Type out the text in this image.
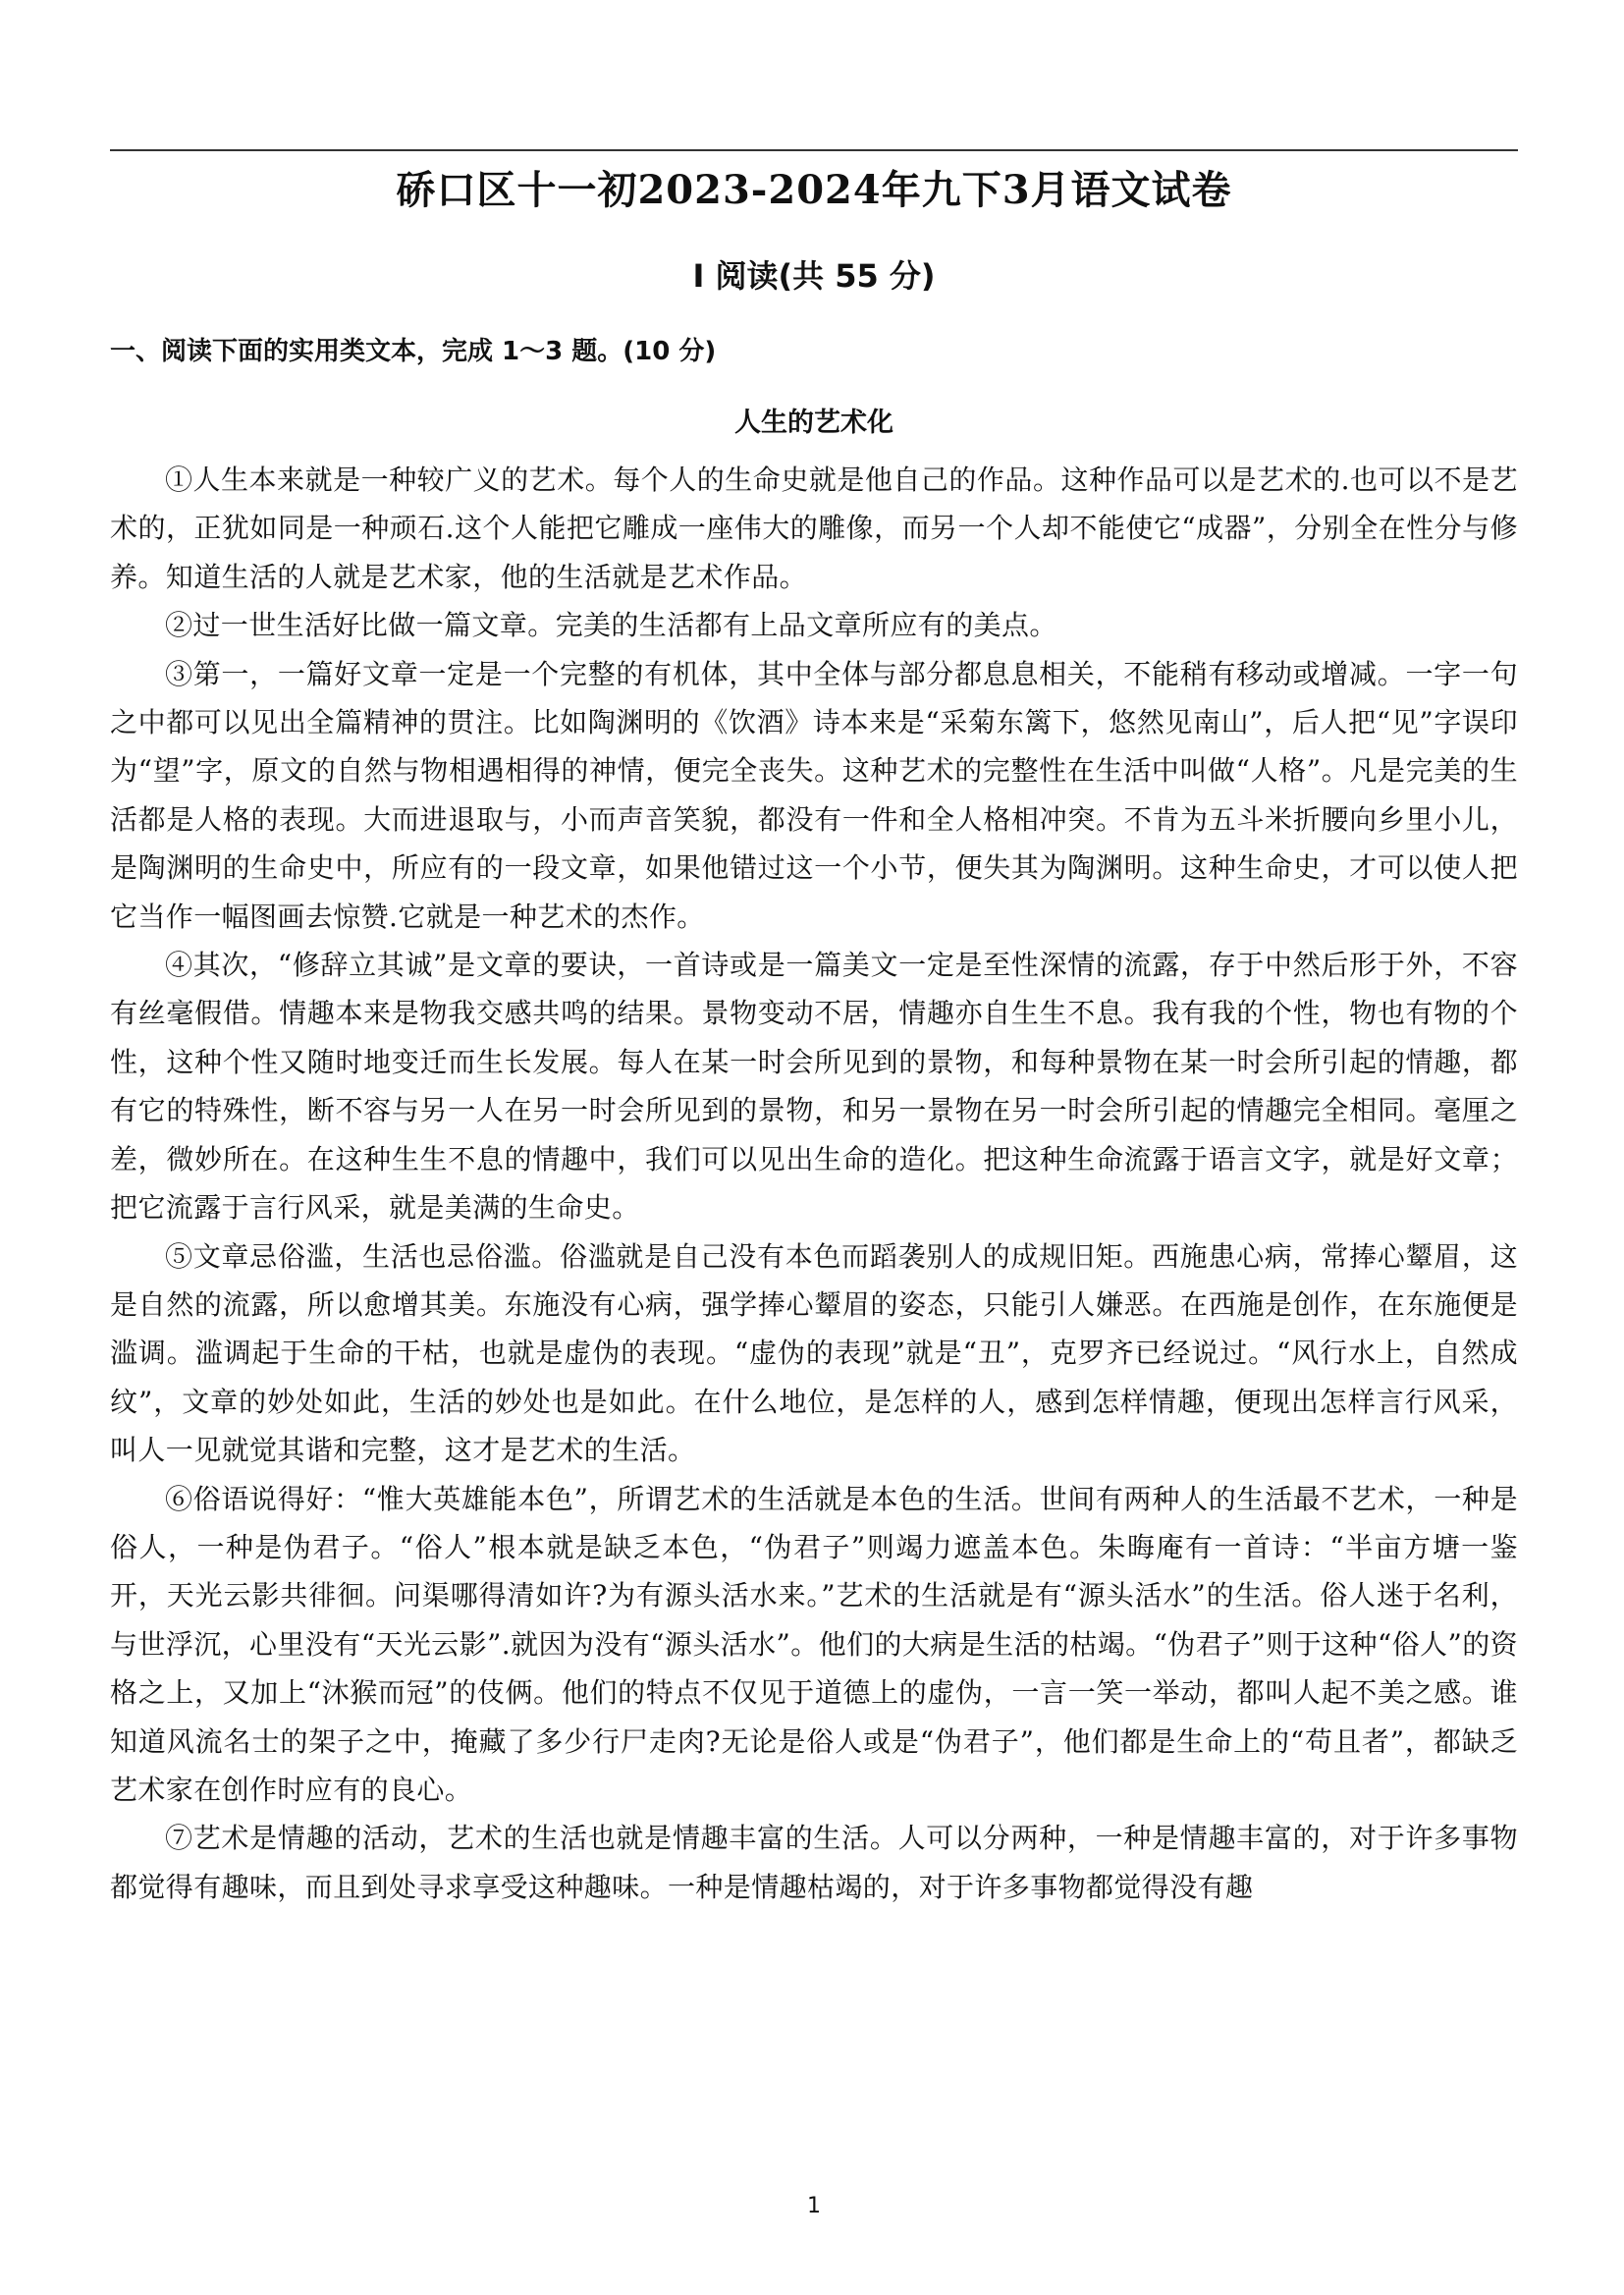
硚口区十一初2023-2024年九下3月语文试卷
I 阅读(共 55 分)
一、阅读下面的实用类文本，完成 1～3 题。(10 分)
人生的艺术化

①人生本来就是一种较广义的艺术。每个人的生命史就是他自己的作品。这种作品可以是艺术的.也可以不是艺术的，正犹如同是一种顽石.这个人能把它雕成一座伟大的雕像，而另一个人却不能使它“成器”，分别全在性分与修养。知道生活的人就是艺术家，他的生活就是艺术作品。

②过一世生活好比做一篇文章。完美的生活都有上品文章所应有的美点。

③第一，一篇好文章一定是一个完整的有机体，其中全体与部分都息息相关，不能稍有移动或增减。一字一句之中都可以见出全篇精神的贯注。比如陶渊明的《饮酒》诗本来是“采菊东篱下，悠然见南山”，后人把“见”字误印为“望”字，原文的自然与物相遇相得的神情，便完全丧失。这种艺术的完整性在生活中叫做“人格”。凡是完美的生活都是人格的表现。大而进退取与，小而声音笑貌，都没有一件和全人格相冲突。不肯为五斗米折腰向乡里小儿，是陶渊明的生命史中，所应有的一段文章，如果他错过这一个小节，便失其为陶渊明。这种生命史，才可以使人把它当作一幅图画去惊赞.它就是一种艺术的杰作。

④其次，“修辞立其诚”是文章的要诀，一首诗或是一篇美文一定是至性深情的流露，存于中然后形于外，不容有丝毫假借。情趣本来是物我交感共鸣的结果。景物变动不居，情趣亦自生生不息。我有我的个性，物也有物的个性，这种个性又随时地变迁而生长发展。每人在某一时会所见到的景物，和每种景物在某一时会所引起的情趣，都有它的特殊性，断不容与另一人在另一时会所见到的景物，和另一景物在另一时会所引起的情趣完全相同。毫厘之差，微妙所在。在这种生生不息的情趣中，我们可以见出生命的造化。把这种生命流露于语言文字，就是好文章；把它流露于言行风采，就是美满的生命史。

⑤文章忌俗滥，生活也忌俗滥。俗滥就是自己没有本色而蹈袭别人的成规旧矩。西施患心病，常捧心颦眉，这是自然的流露，所以愈增其美。东施没有心病，强学捧心颦眉的姿态，只能引人嫌恶。在西施是创作，在东施便是滥调。滥调起于生命的干枯，也就是虚伪的表现。“虚伪的表现”就是“丑”，克罗齐已经说过。“风行水上，自然成纹”，文章的妙处如此，生活的妙处也是如此。在什么地位，是怎样的人，感到怎样情趣，便现出怎样言行风采，叫人一见就觉其谐和完整，这才是艺术的生活。

⑥俗语说得好：“惟大英雄能本色”，所谓艺术的生活就是本色的生活。世间有两种人的生活最不艺术，一种是俗人，一种是伪君子。“俗人”根本就是缺乏本色，“伪君子”则竭力遮盖本色。朱晦庵有一首诗：“半亩方塘一鉴开，天光云影共徘徊。问渠哪得清如许?为有源头活水来。”艺术的生活就是有“源头活水”的生活。俗人迷于名利，与世浮沉，心里没有“天光云影”.就因为没有“源头活水”。他们的大病是生活的枯竭。“伪君子”则于这种“俗人”的资格之上，又加上“沐猴而冠”的伎俩。他们的特点不仅见于道德上的虚伪，一言一笑一举动，都叫人起不美之感。谁知道风流名士的架子之中，掩藏了多少行尸走肉?无论是俗人或是“伪君子”，他们都是生命上的“苟且者”，都缺乏艺术家在创作时应有的良心。

⑦艺术是情趣的活动，艺术的生活也就是情趣丰富的生活。人可以分两种，一种是情趣丰富的，对于许多事物都觉得有趣味，而且到处寻求享受这种趣味。一种是情趣枯竭的，对于许多事物都觉得没有趣

1
